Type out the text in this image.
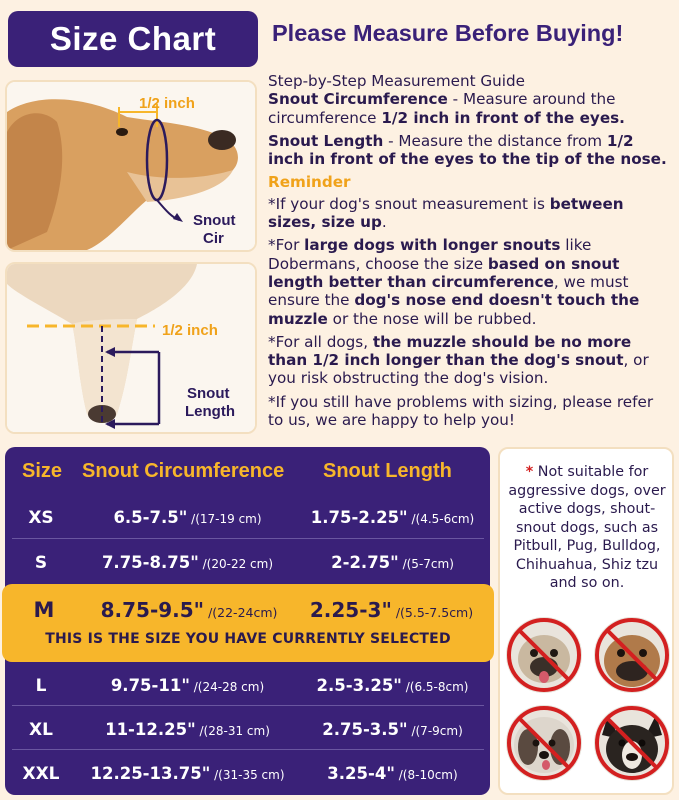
Size Chart Please Measure Before Buying!
1/2 inch
Snout
Cir
1/2 inch
Snout
Length

Step-by-Step Measurement Guide

Snout Circumference - Measure around the circumference 1/2 inch in front of the eyes.

Snout Length - Measure the distance from 1/2 inch in front of the eyes to the tip of the nose.

Reminder

*If your dog's snout measurement is between sizes, size up.

*For large dogs with longer snouts like Dobermans, choose the size based on snout length better than circumference, we must ensure the dog's nose end doesn't touch the muzzle or the nose will be rubbed.

*For all dogs, the muzzle should be no more than 1/2 inch longer than the dog's snout, or you risk obstructing the dog's vision.

*If you still have problems with sizing, please refer to us, we are happy to help you!

Size Snout Circumference Snout Length
XS	6.5-7.5" /(17-19 cm)	1.75-2.25" /(4.5-6cm)
S	7.75-8.75" /(20-22 cm)	2-2.75" /(5-7cm)
M	8.75-9.5" /(22-24cm)	2.25-3" /(5.5-7.5cm)
THIS IS THE SIZE YOU HAVE CURRENTLY SELECTED
L	9.75-11" /(24-28 cm)	2.5-3.25" /(6.5-8cm)
XL	11-12.25" /(28-31 cm)	2.75-3.5" /(7-9cm)
XXL	12.25-13.75" /(31-35 cm)	3.25-4" /(8-10cm)
* Not suitable for aggressive dogs, over active dogs, shout-snout dogs, such as Pitbull, Pug, Bulldog, Chihuahua, Shiz tzu and so on.
